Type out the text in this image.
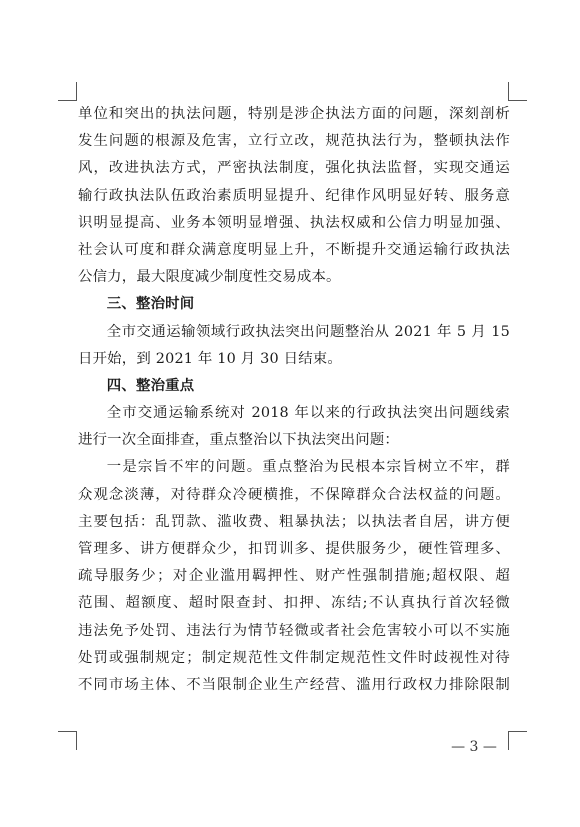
单位和突出的执法问题，特别是涉企执法方面的问题，深刻剖析
发生问题的根源及危害，立行立改，规范执法行为，整顿执法作
风，改进执法方式，严密执法制度，强化执法监督，实现交通运
输行政执法队伍政治素质明显提升、纪律作风明显好转、服务意
识明显提高、业务本领明显增强、执法权威和公信力明显加强、
社会认可度和群众满意度明显上升，不断提升交通运输行政执法
公信力，最大限度减少制度性交易成本。
三、整治时间
全市交通运输领域行政执法突出问题整治从 2021 年 5 月 15
日开始，到 2021 年 10 月 30 日结束。
四、整治重点
全市交通运输系统对 2018 年以来的行政执法突出问题线索
进行一次全面排查，重点整治以下执法突出问题：
一是宗旨不牢的问题。重点整治为民根本宗旨树立不牢，群
众观念淡薄，对待群众冷硬横推，不保障群众合法权益的问题。
主要包括：乱罚款、滥收费、粗暴执法；以执法者自居，讲方便
管理多、讲方便群众少，扣罚训多、提供服务少，硬性管理多、
疏导服务少；对企业滥用羁押性、财产性强制措施;超权限、超
范围、超额度、超时限查封、扣押、冻结;不认真执行首次轻微
违法免予处罚、违法行为情节轻微或者社会危害较小可以不实施
处罚或强制规定；制定规范性文件制定规范性文件时歧视性对待
不同市场主体、不当限制企业生产经营、滥用行政权力排除限制
— 3 —
